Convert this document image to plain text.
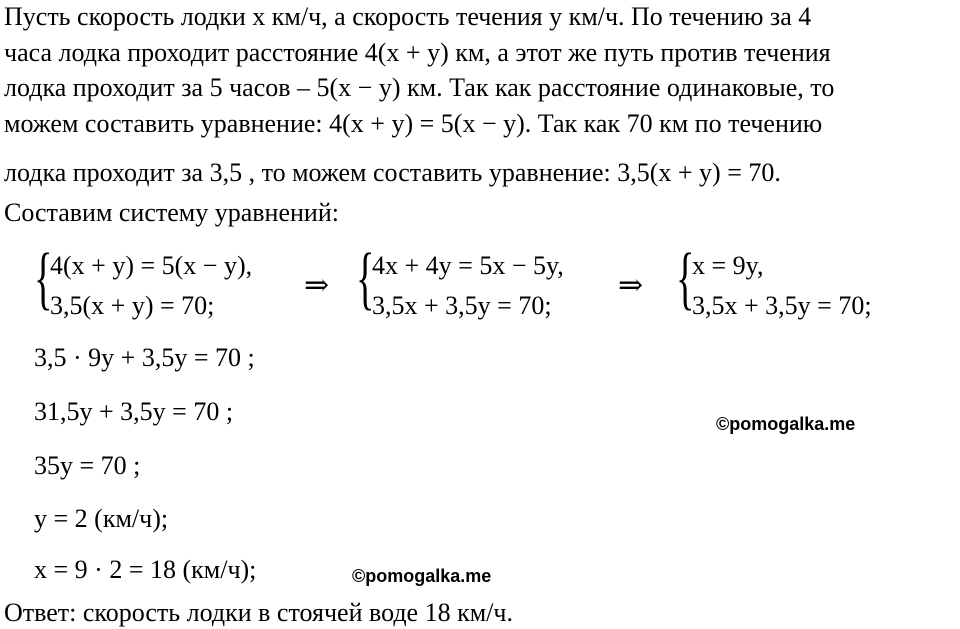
Пусть скорость лодки x км/ч, а скорость течения y км/ч. По течению за 4
часа лодка проходит расстояние 4(x + y) км, а этот же путь против течения
лодка проходит за 5 часов – 5(x − y) км. Так как расстояние одинаковые, то
можем составить уравнение: 4(x + y) = 5(x − y). Так как 70 км по течению
лодка проходит за 3,5 , то можем составить уравнение: 3,5(x + y) = 70.
Составим систему уравнений:
{
4(x + y) = 5(x − y),
3,5(x + y) = 70;
⇒ {
4x + 4y = 5x − 5y,
3,5x + 3,5y = 70;
⇒ {
x = 9y,
3,5x + 3,5y = 70;
3,5 · 9y + 3,5y = 70 ;
31,5y + 3,5y = 70 ;
35y = 70 ;
y = 2 (км/ч);
x = 9 · 2 = 18 (км/ч);
©pomogalka.me
©pomogalka.me
Ответ: скорость лодки в стоячей воде 18 км/ч.
